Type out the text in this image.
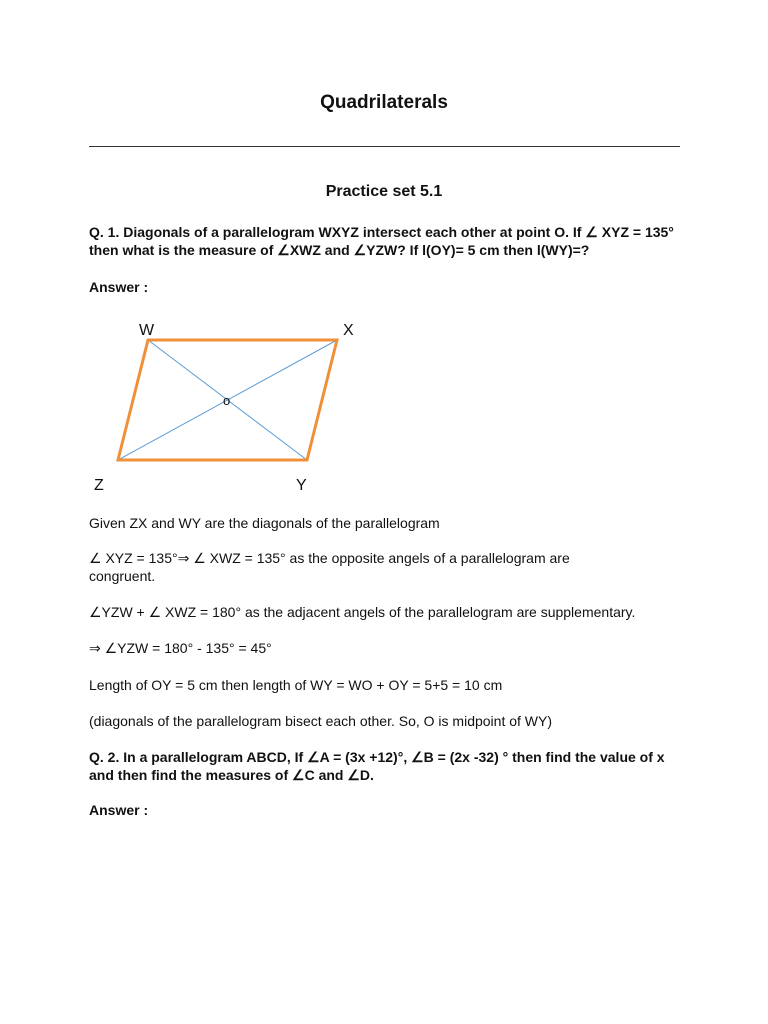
Quadrilaterals
Practice set 5.1
Q. 1. Diagonals of a parallelogram WXYZ intersect each other at point O. If ∠ XYZ = 135° then what is the measure of ∠XWZ and ∠YZW? If l(OY)= 5 cm then l(WY)=?
Answer :
W	X
Z	Y
o
Given ZX and WY are the diagonals of the parallelogram
∠ XYZ = 135°⇒ ∠ XWZ = 135° as the opposite angels of a parallelogram are congruent.
∠YZW + ∠ XWZ = 180° as the adjacent angels of the parallelogram are supplementary.
⇒ ∠YZW = 180° - 135° = 45°
Length of OY = 5 cm then length of WY = WO + OY = 5+5 = 10 cm
(diagonals of the parallelogram bisect each other. So, O is midpoint of WY)
Q. 2. In a parallelogram ABCD, If ∠A = (3x +12)°, ∠B = (2x -32) ° then find the value of x and then find the measures of ∠C and ∠D.
Answer :
